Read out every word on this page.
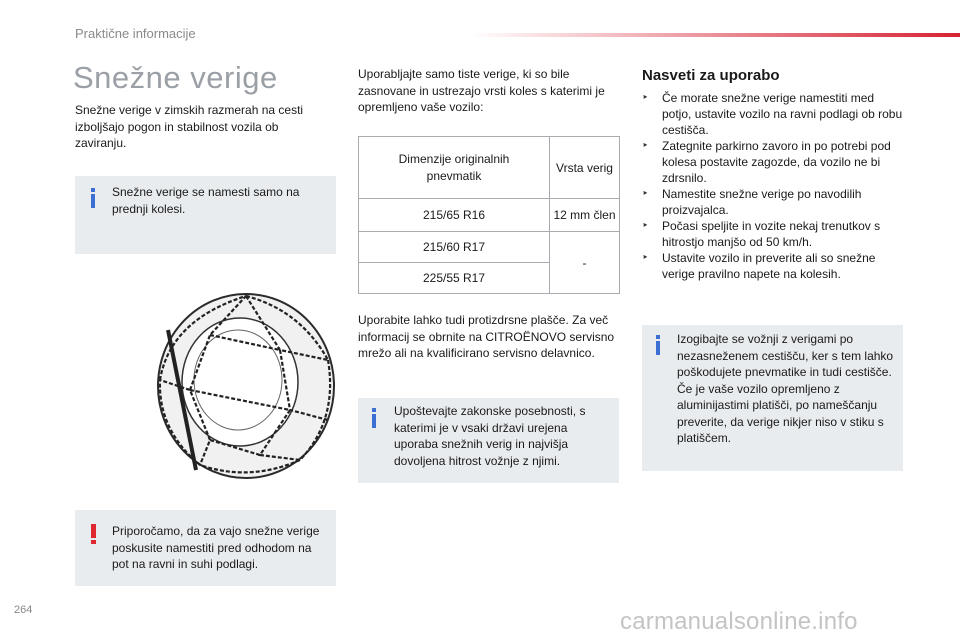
Praktične informacije
Snežne verige
Snežne verige v zimskih razmerah na cesti izboljšajo pogon in stabilnost vozila ob zaviranju.
Snežne verige se namesti samo na prednji kolesi.
Priporočamo, da za vajo snežne verige poskusite namestiti pred odhodom na pot na ravni in suhi podlagi.
Uporabljajte samo tiste verige, ki so bile zasnovane in ustrezajo vrsti koles s katerimi je opremljeno vaše vozilo:
Dimenzije originalnih pnevmatik	Vrsta verig
215/65 R16	12 mm člen
215/60 R17	-
225/55 R17	
Uporabite lahko tudi protizdrsne plašče. Za več informacij se obrnite na CITROËNOVO servisno mrežo ali na kvalificirano servisno delavnico.
Upoštevajte zakonske posebnosti, s katerimi je v vsaki državi urejena uporaba snežnih verig in najvišja dovoljena hitrost vožnje z njimi.
Nasveti za uporabo
‣ Če morate snežne verige namestiti med potjo, ustavite vozilo na ravni podlagi ob robu cestišča.
‣ Zategnite parkirno zavoro in po potrebi pod kolesa postavite zagozde, da vozilo ne bi zdrsnilo.
‣ Namestite snežne verige po navodilih proizvajalca.
‣ Počasi speljite in vozite nekaj trenutkov s hitrostjo manjšo od 50 km/h.
‣ Ustavite vozilo in preverite ali so snežne verige pravilno napete na kolesih.
Izogibajte se vožnji z verigami po nezasneženem cestišču, ker s tem lahko poškodujete pnevmatike in tudi cestišče. Če je vaše vozilo opremljeno z aluminijastimi platišči, po nameščanju preverite, da verige nikjer niso v stiku s platiščem.
264	carmanualsonline.info
